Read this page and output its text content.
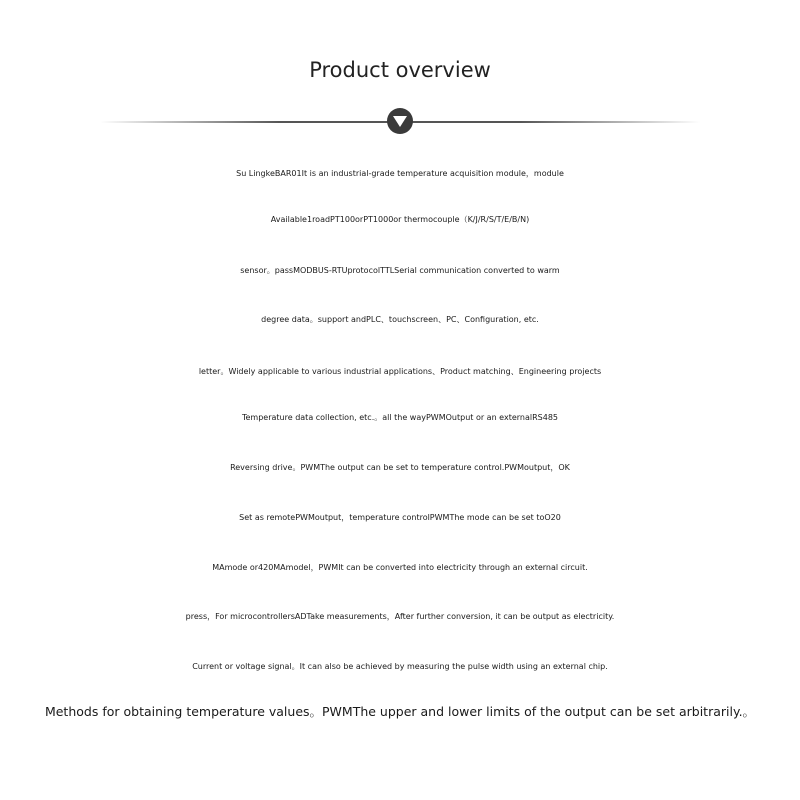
Product overview
Su LingkeBAR01It is an industrial-grade temperature acquisition module，module
Available1roadPT100orPT1000or thermocouple（K/J/R/S/T/E/B/N)
sensor。passMODBUS-RTUprotocolTTLSerial communication converted to warm
degree data。support andPLC、touchscreen、PC、Configuration, etc.
letter。Widely applicable to various industrial applications、Product matching、Engineering projects
Temperature data collection, etc.。all the wayPWMOutput or an externalRS485
Reversing drive。PWMThe output can be set to temperature control.PWMoutput，OK
Set as remotePWMoutput，temperature controlPWMThe mode can be set toO20
MAmode or420MAmodel，PWMIt can be converted into electricity through an external circuit.
press，For microcontrollersADTake measurements，After further conversion, it can be output as electricity.
Current or voltage signal。It can also be achieved by measuring the pulse width using an external chip.
Methods for obtaining temperature values。PWMThe upper and lower limits of the output can be set arbitrarily.。
